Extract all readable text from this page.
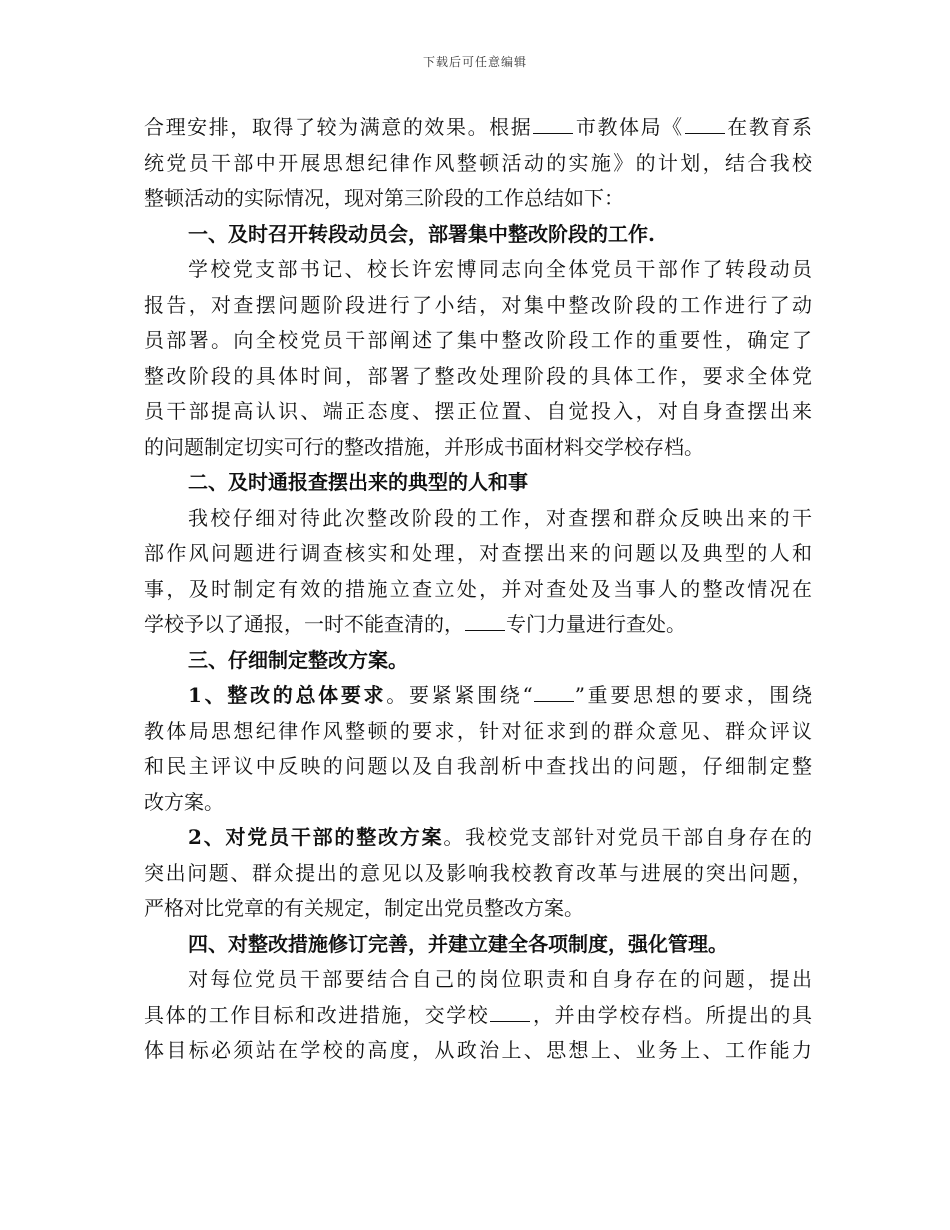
下载后可任意编辑
合理安排，取得了较为满意的效果。根据 市教体局《 在教育系
统党员干部中开展思想纪律作风整顿活动的实施》的计划，结合我校
整顿活动的实际情况，现对第三阶段的工作总结如下：
一、及时召开转段动员会，部署集中整改阶段的工作.
学校党支部书记、校长许宏博同志向全体党员干部作了转段动员
报告，对查摆问题阶段进行了小结，对集中整改阶段的工作进行了动
员部署。向全校党员干部阐述了集中整改阶段工作的重要性，确定了
整改阶段的具体时间，部署了整改处理阶段的具体工作，要求全体党
员干部提高认识、端正态度、摆正位置、自觉投入，对自身查摆出来
的问题制定切实可行的整改措施，并形成书面材料交学校存档。
二、及时通报查摆出来的典型的人和事
我校仔细对待此次整改阶段的工作，对查摆和群众反映出来的干
部作风问题进行调查核实和处理，对查摆出来的问题以及典型的人和
事，及时制定有效的措施立查立处，并对查处及当事人的整改情况在
学校予以了通报，一时不能查清的， 专门力量进行查处。
三、仔细制定整改方案。
1、整改的总体要求。要紧紧围绕“ ”重要思想的要求，围绕
教体局思想纪律作风整顿的要求，针对征求到的群众意见、群众评议
和民主评议中反映的问题以及自我剖析中查找出的问题，仔细制定整
改方案。
2、对党员干部的整改方案。我校党支部针对党员干部自身存在的
突出问题、群众提出的意见以及影响我校教育改革与进展的突出问题，
严格对比党章的有关规定，制定出党员整改方案。
四、对整改措施修订完善，并建立建全各项制度，强化管理。
对每位党员干部要结合自己的岗位职责和自身存在的问题，提出
具体的工作目标和改进措施，交学校 ，并由学校存档。所提出的具
体目标必须站在学校的高度，从政治上、思想上、业务上、工作能力
